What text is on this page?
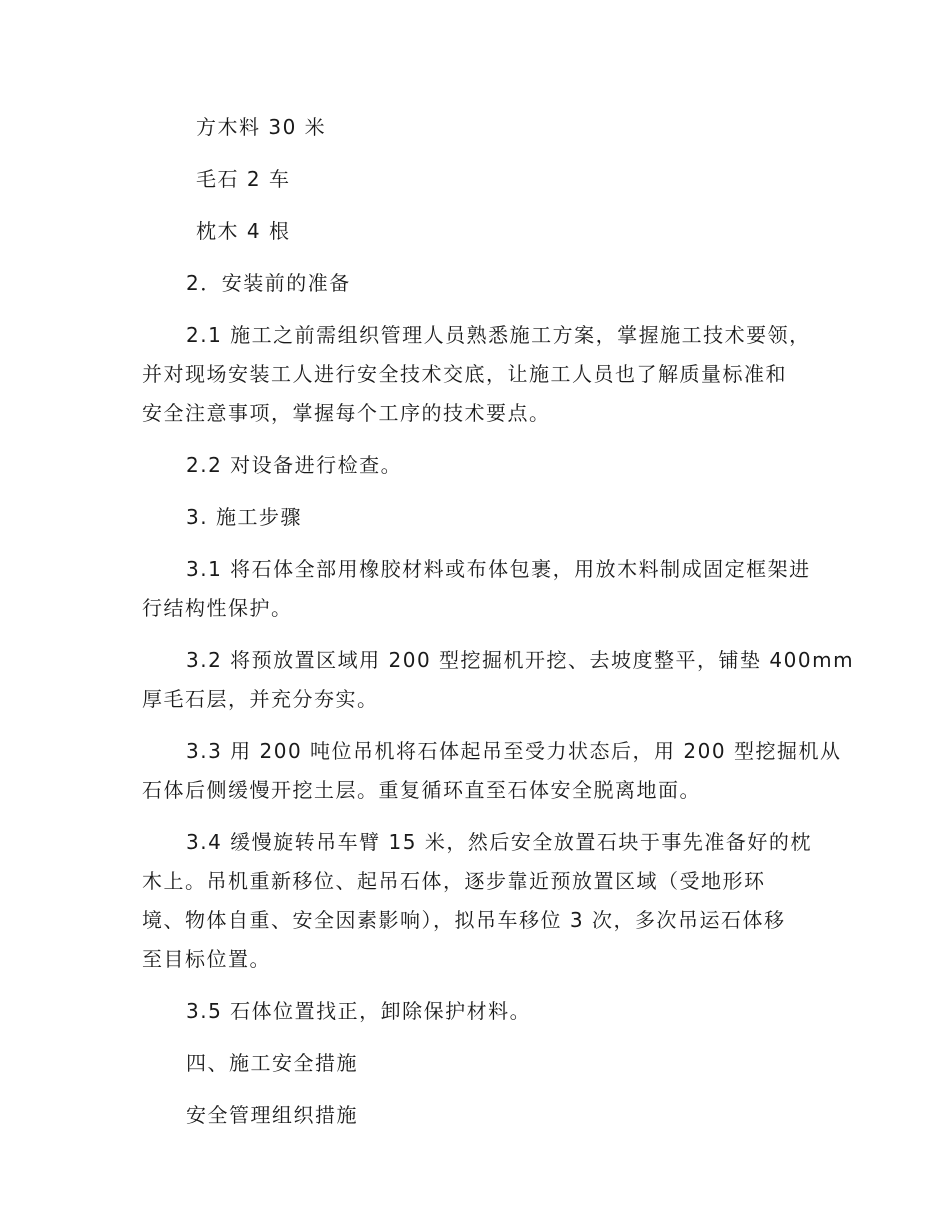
方木料 30 米
毛石 2 车
枕木 4 根
2．安装前的准备
2.1 施工之前需组织管理人员熟悉施工方案，掌握施工技术要领，
并对现场安装工人进行安全技术交底，让施工人员也了解质量标准和
安全注意事项，掌握每个工序的技术要点。
2.2 对设备进行检查。
3. 施工步骤
3.1 将石体全部用橡胶材料或布体包裹，用放木料制成固定框架进
行结构性保护。
3.2 将预放置区域用 200 型挖掘机开挖、去坡度整平，铺垫 400mm
厚毛石层，并充分夯实。
3.3 用 200 吨位吊机将石体起吊至受力状态后，用 200 型挖掘机从
石体后侧缓慢开挖土层。重复循环直至石体安全脱离地面。
3.4 缓慢旋转吊车臂 15 米，然后安全放置石块于事先准备好的枕
木上。吊机重新移位、起吊石体，逐步靠近预放置区域（受地形环
境、物体自重、安全因素影响），拟吊车移位 3 次，多次吊运石体移
至目标位置。
3.5 石体位置找正，卸除保护材料。
四、施工安全措施
安全管理组织措施
